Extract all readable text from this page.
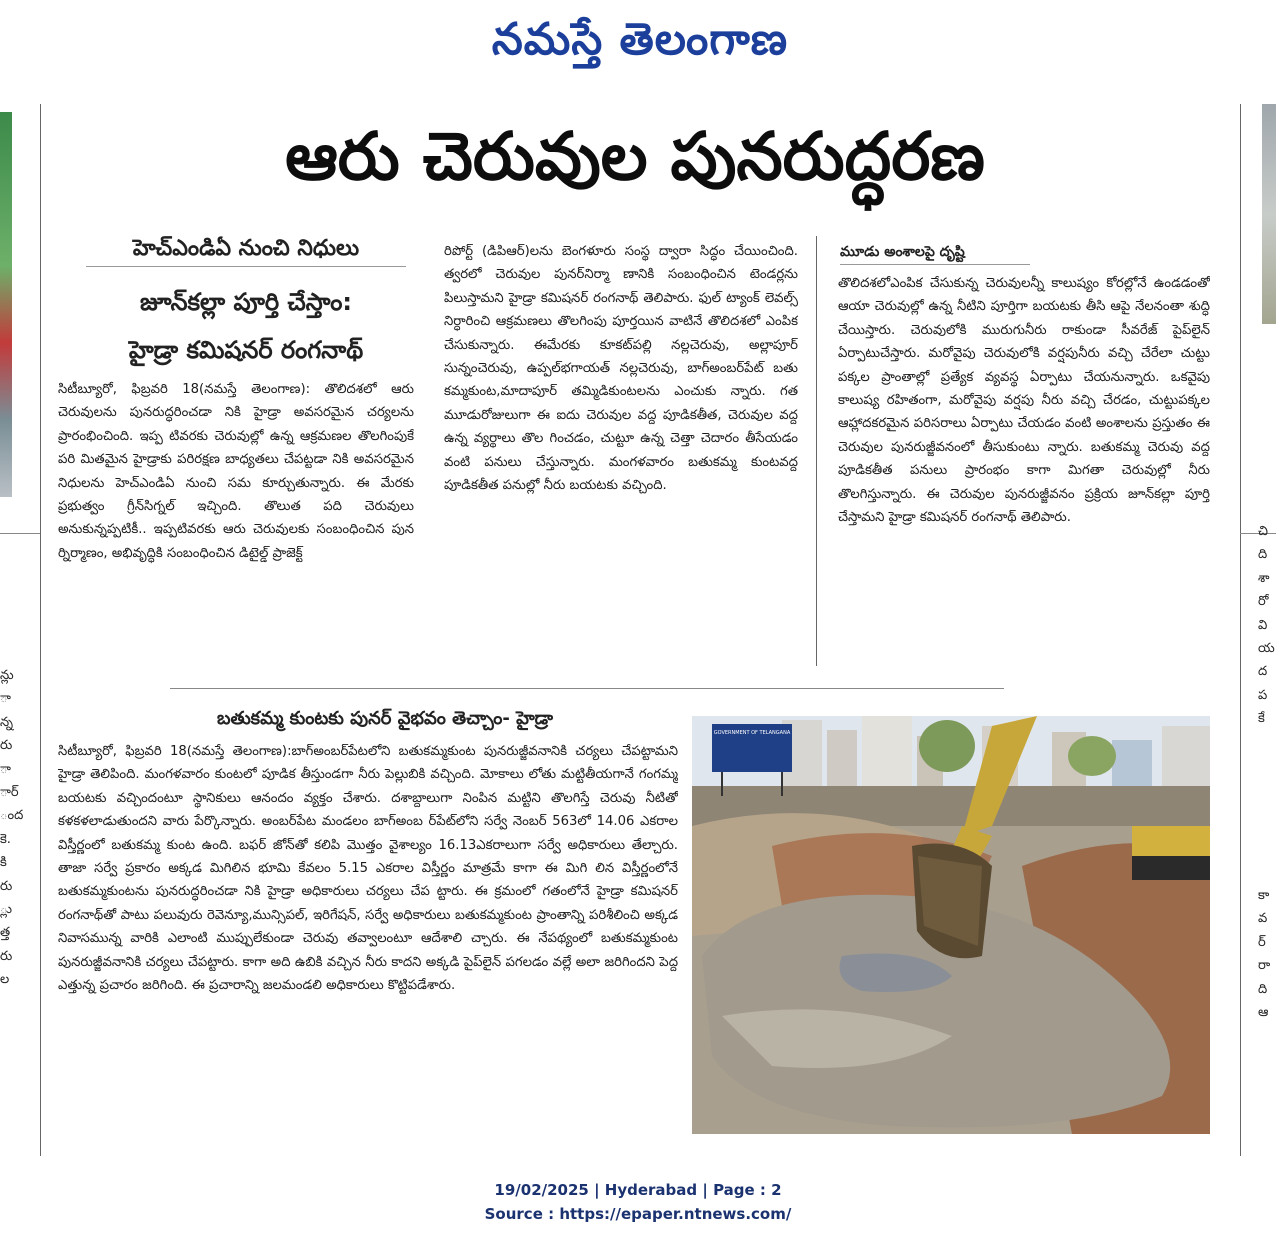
నమస్తే తెలంగాణ
ఆరు చెరువుల పునరుద్ధరణ
హెచ్‌ఎండిఏ నుంచి నిధులు
జూన్‌కల్లా పూర్తి చేస్తాం:
హైడ్రా కమిషనర్ రంగనాథ్
సిటీబ్యూరో, ఫిబ్రవరి 18(నమస్తే తెలంగాణ): తొలిదశలో ఆరు చెరువులను పునరుద్ధరించడా నికి హైడ్రా అవసరమైన చర్యలను ప్రారంభించింది. ఇప్ప టివరకు చెరువుల్లో ఉన్న ఆక్రమణల తొలగింపుకే పరి మితమైన హైడ్రాకు పరిరక్షణ బాధ్యతలు చేపట్టడా నికి అవసరమైన నిధులను హెచ్‌ఎండిఏ నుంచి సమ కూర్చుతున్నారు. ఈ మేరకు ప్రభుత్వం గ్రీన్‌సిగ్నల్ ఇచ్చింది. తొలుత పది చెరువులు అనుకున్నప్పటికీ.. ఇప్పటివరకు ఆరు చెరువులకు సంబంధించిన పున ర్నిర్మాణం, అభివృద్ధికి సంబంధించిన డిటైల్డ్ ప్రాజెక్ట్
రిపోర్ట్ (డిపిఆర్)లను బెంగళూరు సంస్థ ద్వారా సిద్ధం చేయించింది. త్వరలో చెరువుల పునర్‌నిర్మా ణానికి సంబంధించిన టెండర్లను పిలుస్తామని హైడ్రా కమిషనర్ రంగనాథ్ తెలిపారు. ఫుల్ ట్యాంక్ లెవల్స్ నిర్ధారించి ఆక్రమణలు తొలగింపు పూర్తయిన వాటినే తొలిదశలో ఎంపిక చేసుకున్నారు. ఈమేరకు కూకట్‌పల్లి నల్లచెరువు, అల్లాపూర్ సున్నంచెరువు, ఉప్పల్‌భగాయత్ నల్లచెరువు, బాగ్‌అంబర్‌పేట్ బతు కమ్మకుంట,మాదాపూర్ తమ్మిడికుంటలను ఎంచుకు న్నారు. గత మూడురోజులుగా ఈ ఐదు చెరువుల వద్ద పూడికతీత, చెరువుల వద్ద ఉన్న వ్యర్థాలు తొల గించడం, చుట్టూ ఉన్న చెత్తా చెదారం తీసేయడం వంటి పనులు చేస్తున్నారు. మంగళవారం బతుకమ్మ కుంటవద్ద పూడికతీత పనుల్లో నీరు బయటకు వచ్చింది.
మూడు అంశాలపై దృష్టి
తొలిదశలోఎంపిక చేసుకున్న చెరువులన్నీ కాలుష్యం కోరల్లోనే ఉండడంతో ఆయా చెరువుల్లో ఉన్న నీటిని పూర్తిగా బయటకు తీసి ఆపై నేలనంతా శుద్ధి చేయిస్తారు. చెరువులోకి మురుగునీరు రాకుండా సీవరేజ్ పైప్‌లైన్ ఏర్పాటుచేస్తారు. మరోవైపు చెరువులోకి వర్షపునీరు వచ్చి చేరేలా చుట్టు పక్కల ప్రాంతాల్లో ప్రత్యేక వ్యవస్థ ఏర్పాటు చేయనున్నారు. ఒకవైపు కాలుష్య రహితంగా, మరోవైపు వర్షపు నీరు వచ్చి చేరడం, చుట్టుపక్కల ఆహ్లాదకరమైన పరిసరాలు ఏర్పాటు చేయడం వంటి అంశాలను ప్రస్తుతం ఈ చెరువుల పునరుజ్జీవనంలో తీసుకుంటు న్నారు. బతుకమ్మ చెరువు వద్ద పూడికతీత పనులు ప్రారంభం కాగా మిగతా చెరువుల్లో నీరు తొలగిస్తున్నారు. ఈ చెరువుల పునరుజ్జీవనం ప్రక్రియ జూన్‌కల్లా పూర్తి చేస్తామని హైడ్రా కమిషనర్ రంగనాథ్ తెలిపారు.
బతుకమ్మ కుంటకు పునర్ వైభవం తెచ్చాం- హైడ్రా
సిటీబ్యూరో, ఫిబ్రవరి 18(నమస్తే తెలంగాణ):బాగ్‌అంబర్‌పేటలోని బతుకమ్మకుంట పునరుజ్జీవనానికి చర్యలు చేపట్టామని హైడ్రా తెలిపింది. మంగళవారం కుంటలో పూడిక తీస్తుండగా నీరు పెల్లుబికి వచ్చింది. మోకాలు లోతు మట్టితీయగానే గంగమ్మ బయటకు వచ్చిందంటూ స్థానికులు ఆనందం వ్యక్తం చేశారు. దశాబ్దాలుగా నింపిన మట్టిని తొలగిస్తే చెరువు నీటితో కళకళలాడుతుందని వారు పేర్కొన్నారు. అంబర్‌పేట మండలం బాగ్‌అంబ ర్‌పేట్‌లోని సర్వే నెంబర్ 563లో 14.06 ఎకరాల విస్తీర్ణంలో బతుకమ్మ కుంట ఉంది. బఫర్ జోన్‌తో కలిపి మొత్తం వైశాల్యం 16.13ఎకరాలుగా సర్వే అధికారులు తేల్చారు. తాజా సర్వే ప్రకారం అక్కడ మిగిలిన భూమి కేవలం 5.15 ఎకరాల విస్తీర్ణం మాత్రమే కాగా ఈ మిగి లిన విస్తీర్ణంలోనే బతుకమ్మకుంటను పునరుద్ధరించడా నికి హైడ్రా అధికారులు చర్యలు చేప ట్టారు. ఈ క్రమంలో గతంలోనే హైడ్రా కమిషనర్ రంగనాథ్‌తో పాటు పలువురు రెవెన్యూ,మున్సిపల్, ఇరిగేషన్, సర్వే అధికారులు బతుకమ్మకుంట ప్రాంతాన్ని పరిశీలించి అక్కడ నివాసమున్న వారికి ఎలాంటి ముప్పులేకుండా చెరువు తవ్వాలంటూ ఆదేశాలి చ్చారు. ఈ నేపథ్యంలో బతుకమ్మకుంట పునరుజ్జీవనానికి చర్యలు చేపట్టారు. కాగా అది ఉబికి వచ్చిన నీరు కాదని అక్కడి పైప్‌లైన్ పగలడం వల్లే అలా జరిగిందని పెద్ద ఎత్తున్న ప్రచారం జరిగింది. ఈ ప్రచారాన్ని జలమండలి అధికారులు కొట్టిపడేశారు.
GOVERNMENT OF TELANGANA
న్లు
ా
న్న
రు
ా
ార్
ంద
కె.
కి
రు
్లు
త్త
రు
ల
చి
ది
శా
రో
వి
య
ద
ప
కే
కా
వ
ర్
రా
ది
ఆ
19/02/2025 | Hyderabad | Page : 2
Source : https://epaper.ntnews.com/
